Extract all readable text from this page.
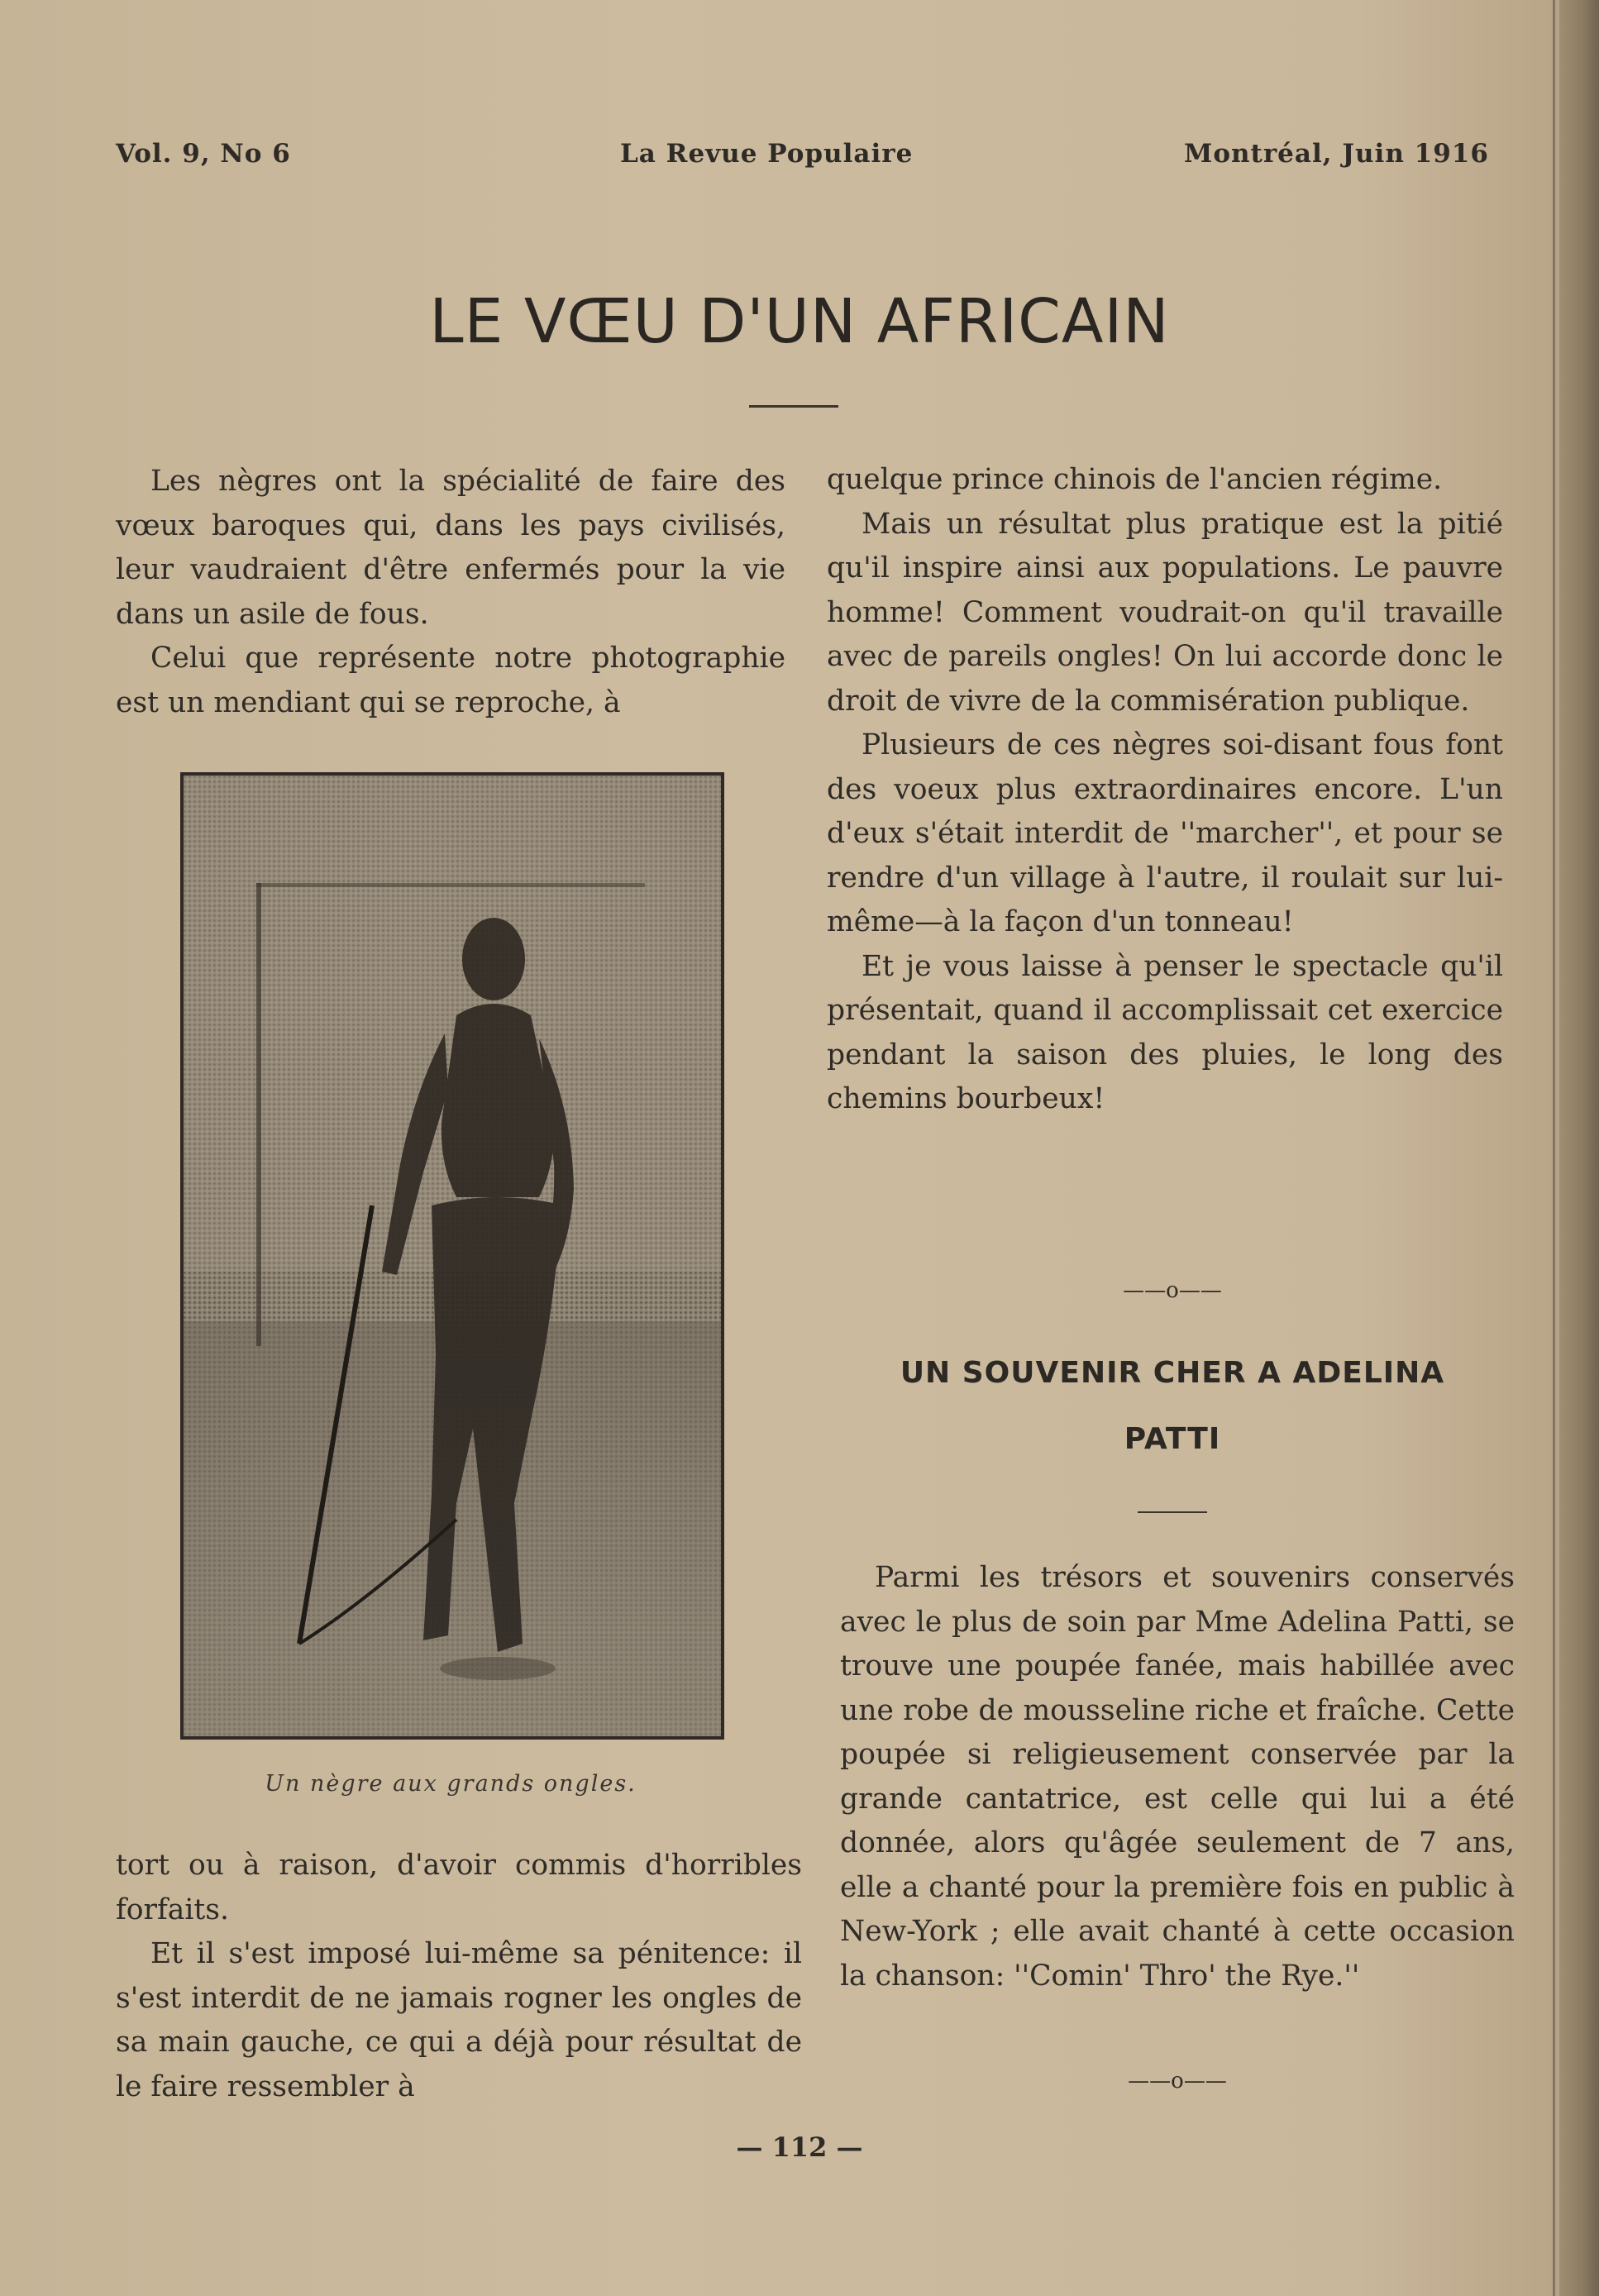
Vol. 9, No 6	La Revue Populaire	Montréal, Juin 1916
LE VŒU D'UN AFRICAIN

Les nègres ont la spécialité de faire des vœux baroques qui, dans les pays civilisés, leur vaudraient d'être enfermés pour la vie dans un asile de fous.

Celui que représente notre photographie est un mendiant qui se reproche, à

Un nègre aux grands ongles.

tort ou à raison, d'avoir commis d'horribles forfaits.

Et il s'est imposé lui-même sa pénitence: il s'est interdit de ne jamais rogner les ongles de sa main gauche, ce qui a déjà pour résultat de le faire ressembler à

quelque prince chinois de l'ancien régime.

Mais un résultat plus pratique est la pitié qu'il inspire ainsi aux populations. Le pauvre homme! Comment voudrait-on qu'il travaille avec de pareils ongles! On lui accorde donc le droit de vivre de la commisération publique.

Plusieurs de ces nègres soi-disant fous font des voeux plus extraordinaires encore. L'un d'eux s'était interdit de ''marcher'', et pour se rendre d'un village à l'autre, il roulait sur lui-même—à la façon d'un tonneau!

Et je vous laisse à penser le spectacle qu'il présentait, quand il accomplissait cet exercice pendant la saison des pluies, le long des chemins bourbeux!

——o——
UN SOUVENIR CHER A ADELINA
PATTI

Parmi les trésors et souvenirs conservés avec le plus de soin par Mme Adelina Patti, se trouve une poupée fanée, mais habillée avec une robe de mousseline riche et fraîche. Cette poupée si religieusement conservée par la grande cantatrice, est celle qui lui a été donnée, alors qu'âgée seulement de 7 ans, elle a chanté pour la première fois en public à New-York ; elle avait chanté à cette occasion la chanson: ''Comin' Thro' the Rye.''

——o——
— 112 —
